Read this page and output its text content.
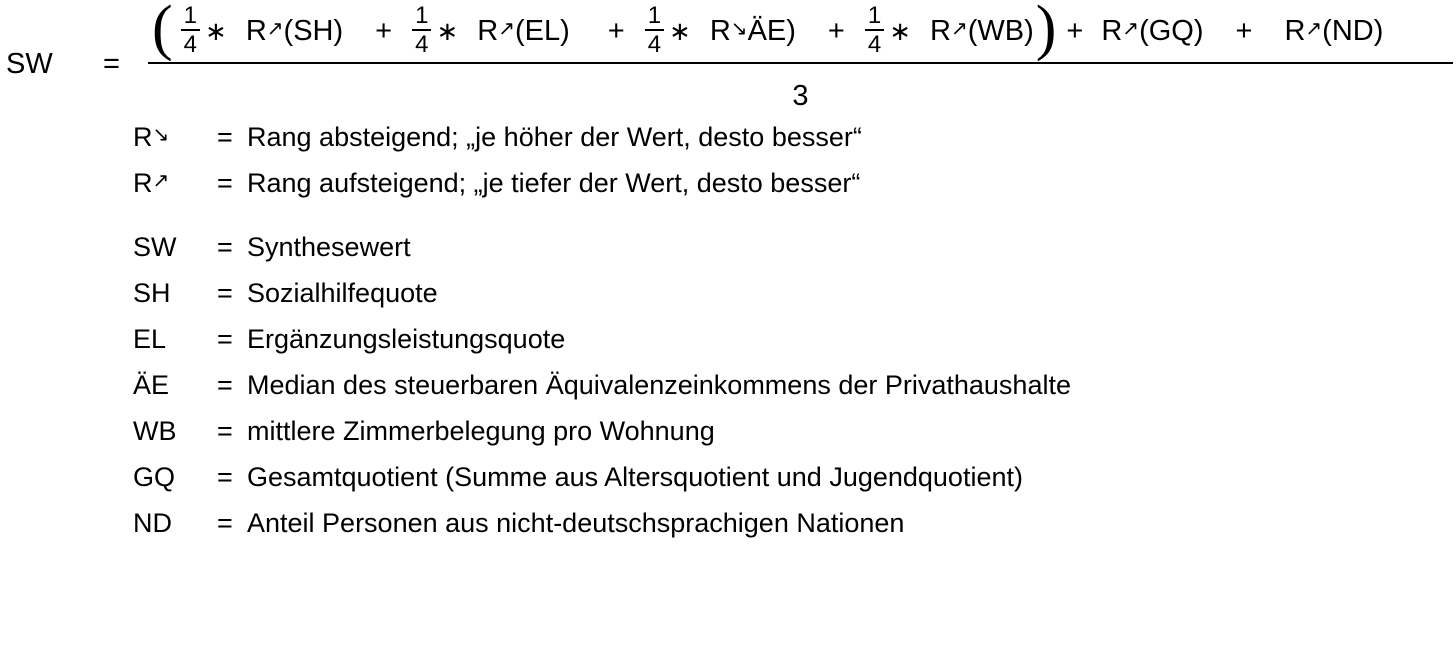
SW =
( $\frac{1}{4}$ ∗ R↗(SH) + $\frac{1}{4}$ ∗ R↗(EL) + $\frac{1}{4}$ ∗ R↘ÄE) + $\frac{1}{4}$ ∗ R↗(WB) ) + R↗(GQ) + R↗(ND)
3
R↘	= Rang absteigend; „je höher der Wert, desto besser“
R↗	= Rang aufsteigend; „je tiefer der Wert, desto besser“
SW	= Synthesewert
SH	= Sozialhilfequote
EL	= Ergänzungsleistungsquote
ÄE	= Median des steuerbaren Äquivalenzeinkommens der Privathaushalte
WB	= mittlere Zimmerbelegung pro Wohnung
GQ	= Gesamtquotient (Summe aus Altersquotient und Jugendquotient)
ND	= Anteil Personen aus nicht-deutschsprachigen Nationen
